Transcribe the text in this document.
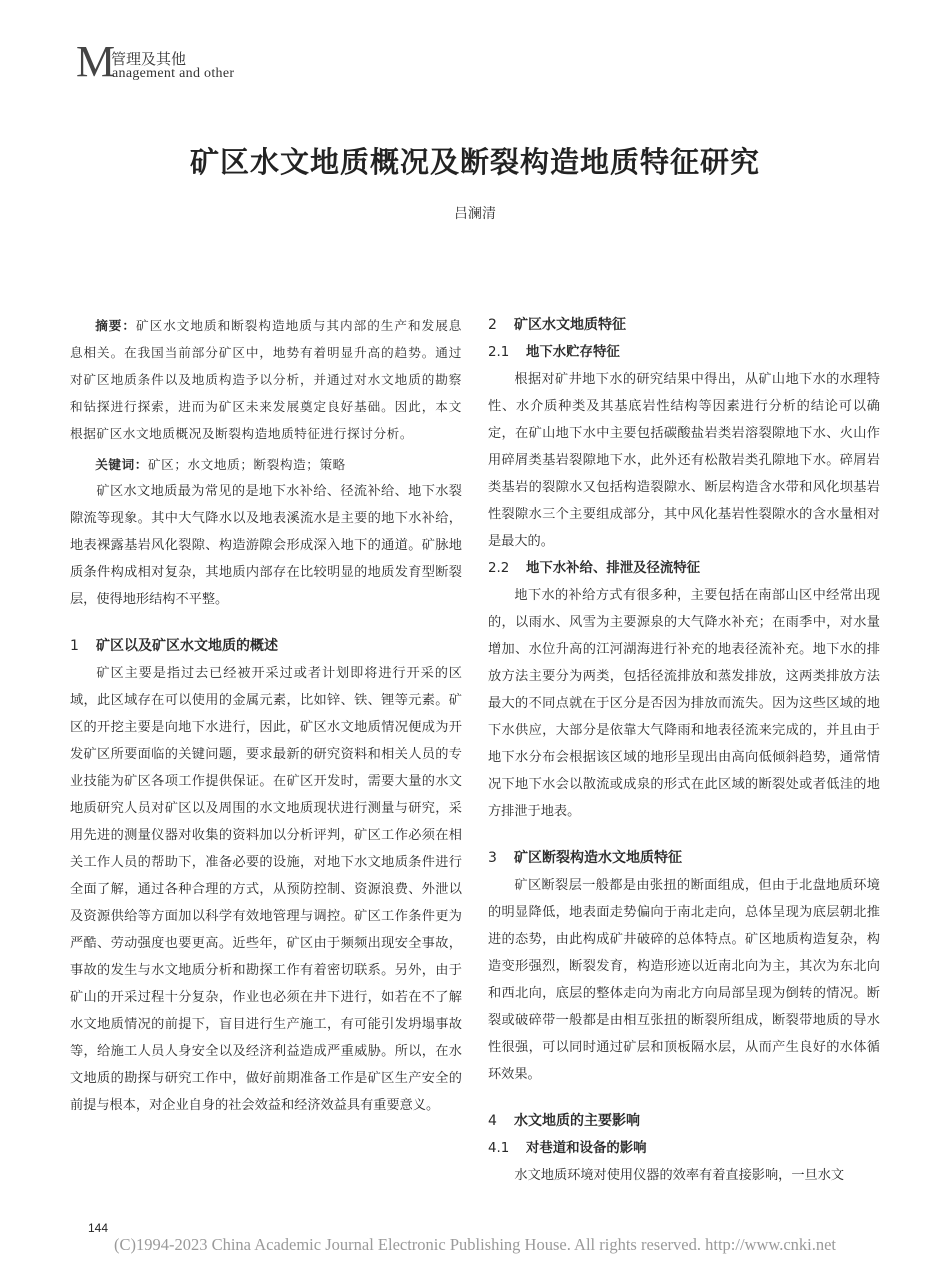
M
管理及其他
anagement and other
矿区水文地质概况及断裂构造地质特征研究
吕澜清

摘要：矿区水文地质和断裂构造地质与其内部的生产和发展息息相关。在我国当前部分矿区中，地势有着明显升高的趋势。通过对矿区地质条件以及地质构造予以分析，并通过对水文地质的勘察和钻探进行探索，进而为矿区未来发展奠定良好基础。因此，本文根据矿区水文地质概况及断裂构造地质特征进行探讨分析。

关键词：矿区；水文地质；断裂构造；策略

矿区水文地质最为常见的是地下水补给、径流补给、地下水裂隙流等现象。其中大气降水以及地表溪流水是主要的地下水补给，地表裸露基岩风化裂隙、构造游隙会形成深入地下的通道。矿脉地质条件构成相对复杂，其地质内部存在比较明显的地质发育型断裂层，使得地形结构不平整。

1 矿区以及矿区水文地质的概述

矿区主要是指过去已经被开采过或者计划即将进行开采的区域，此区域存在可以使用的金属元素，比如锌、铁、锂等元素。矿区的开挖主要是向地下水进行，因此，矿区水文地质情况便成为开发矿区所要面临的关键问题，要求最新的研究资料和相关人员的专业技能为矿区各项工作提供保证。在矿区开发时，需要大量的水文地质研究人员对矿区以及周围的水文地质现状进行测量与研究，采用先进的测量仪器对收集的资料加以分析评判，矿区工作必须在相关工作人员的帮助下，准备必要的设施，对地下水文地质条件进行全面了解，通过各种合理的方式，从预防控制、资源浪费、外泄以及资源供给等方面加以科学有效地管理与调控。矿区工作条件更为严酷、劳动强度也要更高。近些年，矿区由于频频出现安全事故，事故的发生与水文地质分析和勘探工作有着密切联系。另外，由于矿山的开采过程十分复杂，作业也必须在井下进行，如若在不了解水文地质情况的前提下，盲目进行生产施工，有可能引发坍塌事故等，给施工人员人身安全以及经济利益造成严重威胁。所以，在水文地质的勘探与研究工作中，做好前期准备工作是矿区生产安全的前提与根本，对企业自身的社会效益和经济效益具有重要意义。

2 矿区水文地质特征
2.1 地下水贮存特征

根据对矿井地下水的研究结果中得出，从矿山地下水的水理特性、水介质种类及其基底岩性结构等因素进行分析的结论可以确定，在矿山地下水中主要包括碳酸盐岩类岩溶裂隙地下水、火山作用碎屑类基岩裂隙地下水，此外还有松散岩类孔隙地下水。碎屑岩类基岩的裂隙水又包括构造裂隙水、断层构造含水带和风化坝基岩性裂隙水三个主要组成部分，其中风化基岩性裂隙水的含水量相对是最大的。

2.2 地下水补给、排泄及径流特征

地下水的补给方式有很多种，主要包括在南部山区中经常出现的，以雨水、风雪为主要源泉的大气降水补充；在雨季中，对水量增加、水位升高的江河湖海进行补充的地表径流补充。地下水的排放方法主要分为两类，包括径流排放和蒸发排放，这两类排放方法最大的不同点就在于区分是否因为排放而流失。因为这些区域的地下水供应，大部分是依靠大气降雨和地表径流来完成的，并且由于地下水分布会根据该区域的地形呈现出由高向低倾斜趋势，通常情况下地下水会以散流或成泉的形式在此区域的断裂处或者低洼的地方排泄于地表。

3 矿区断裂构造水文地质特征

矿区断裂层一般都是由张扭的断面组成，但由于北盘地质环境的明显降低，地表面走势偏向于南北走向，总体呈现为底层朝北推进的态势，由此构成矿井破碎的总体特点。矿区地质构造复杂，构造变形强烈，断裂发育，构造形迹以近南北向为主，其次为东北向和西北向，底层的整体走向为南北方向局部呈现为倒转的情况。断裂或破碎带一般都是由相互张扭的断裂所组成，断裂带地质的导水性很强，可以同时通过矿层和顶板隔水层，从而产生良好的水体循环效果。

4 水文地质的主要影响
4.1 对巷道和设备的影响

水文地质环境对使用仪器的效率有着直接影响，一旦水文

144
(C)1994-2023 China Academic Journal Electronic Publishing House. All rights reserved. http://www.cnki.net
